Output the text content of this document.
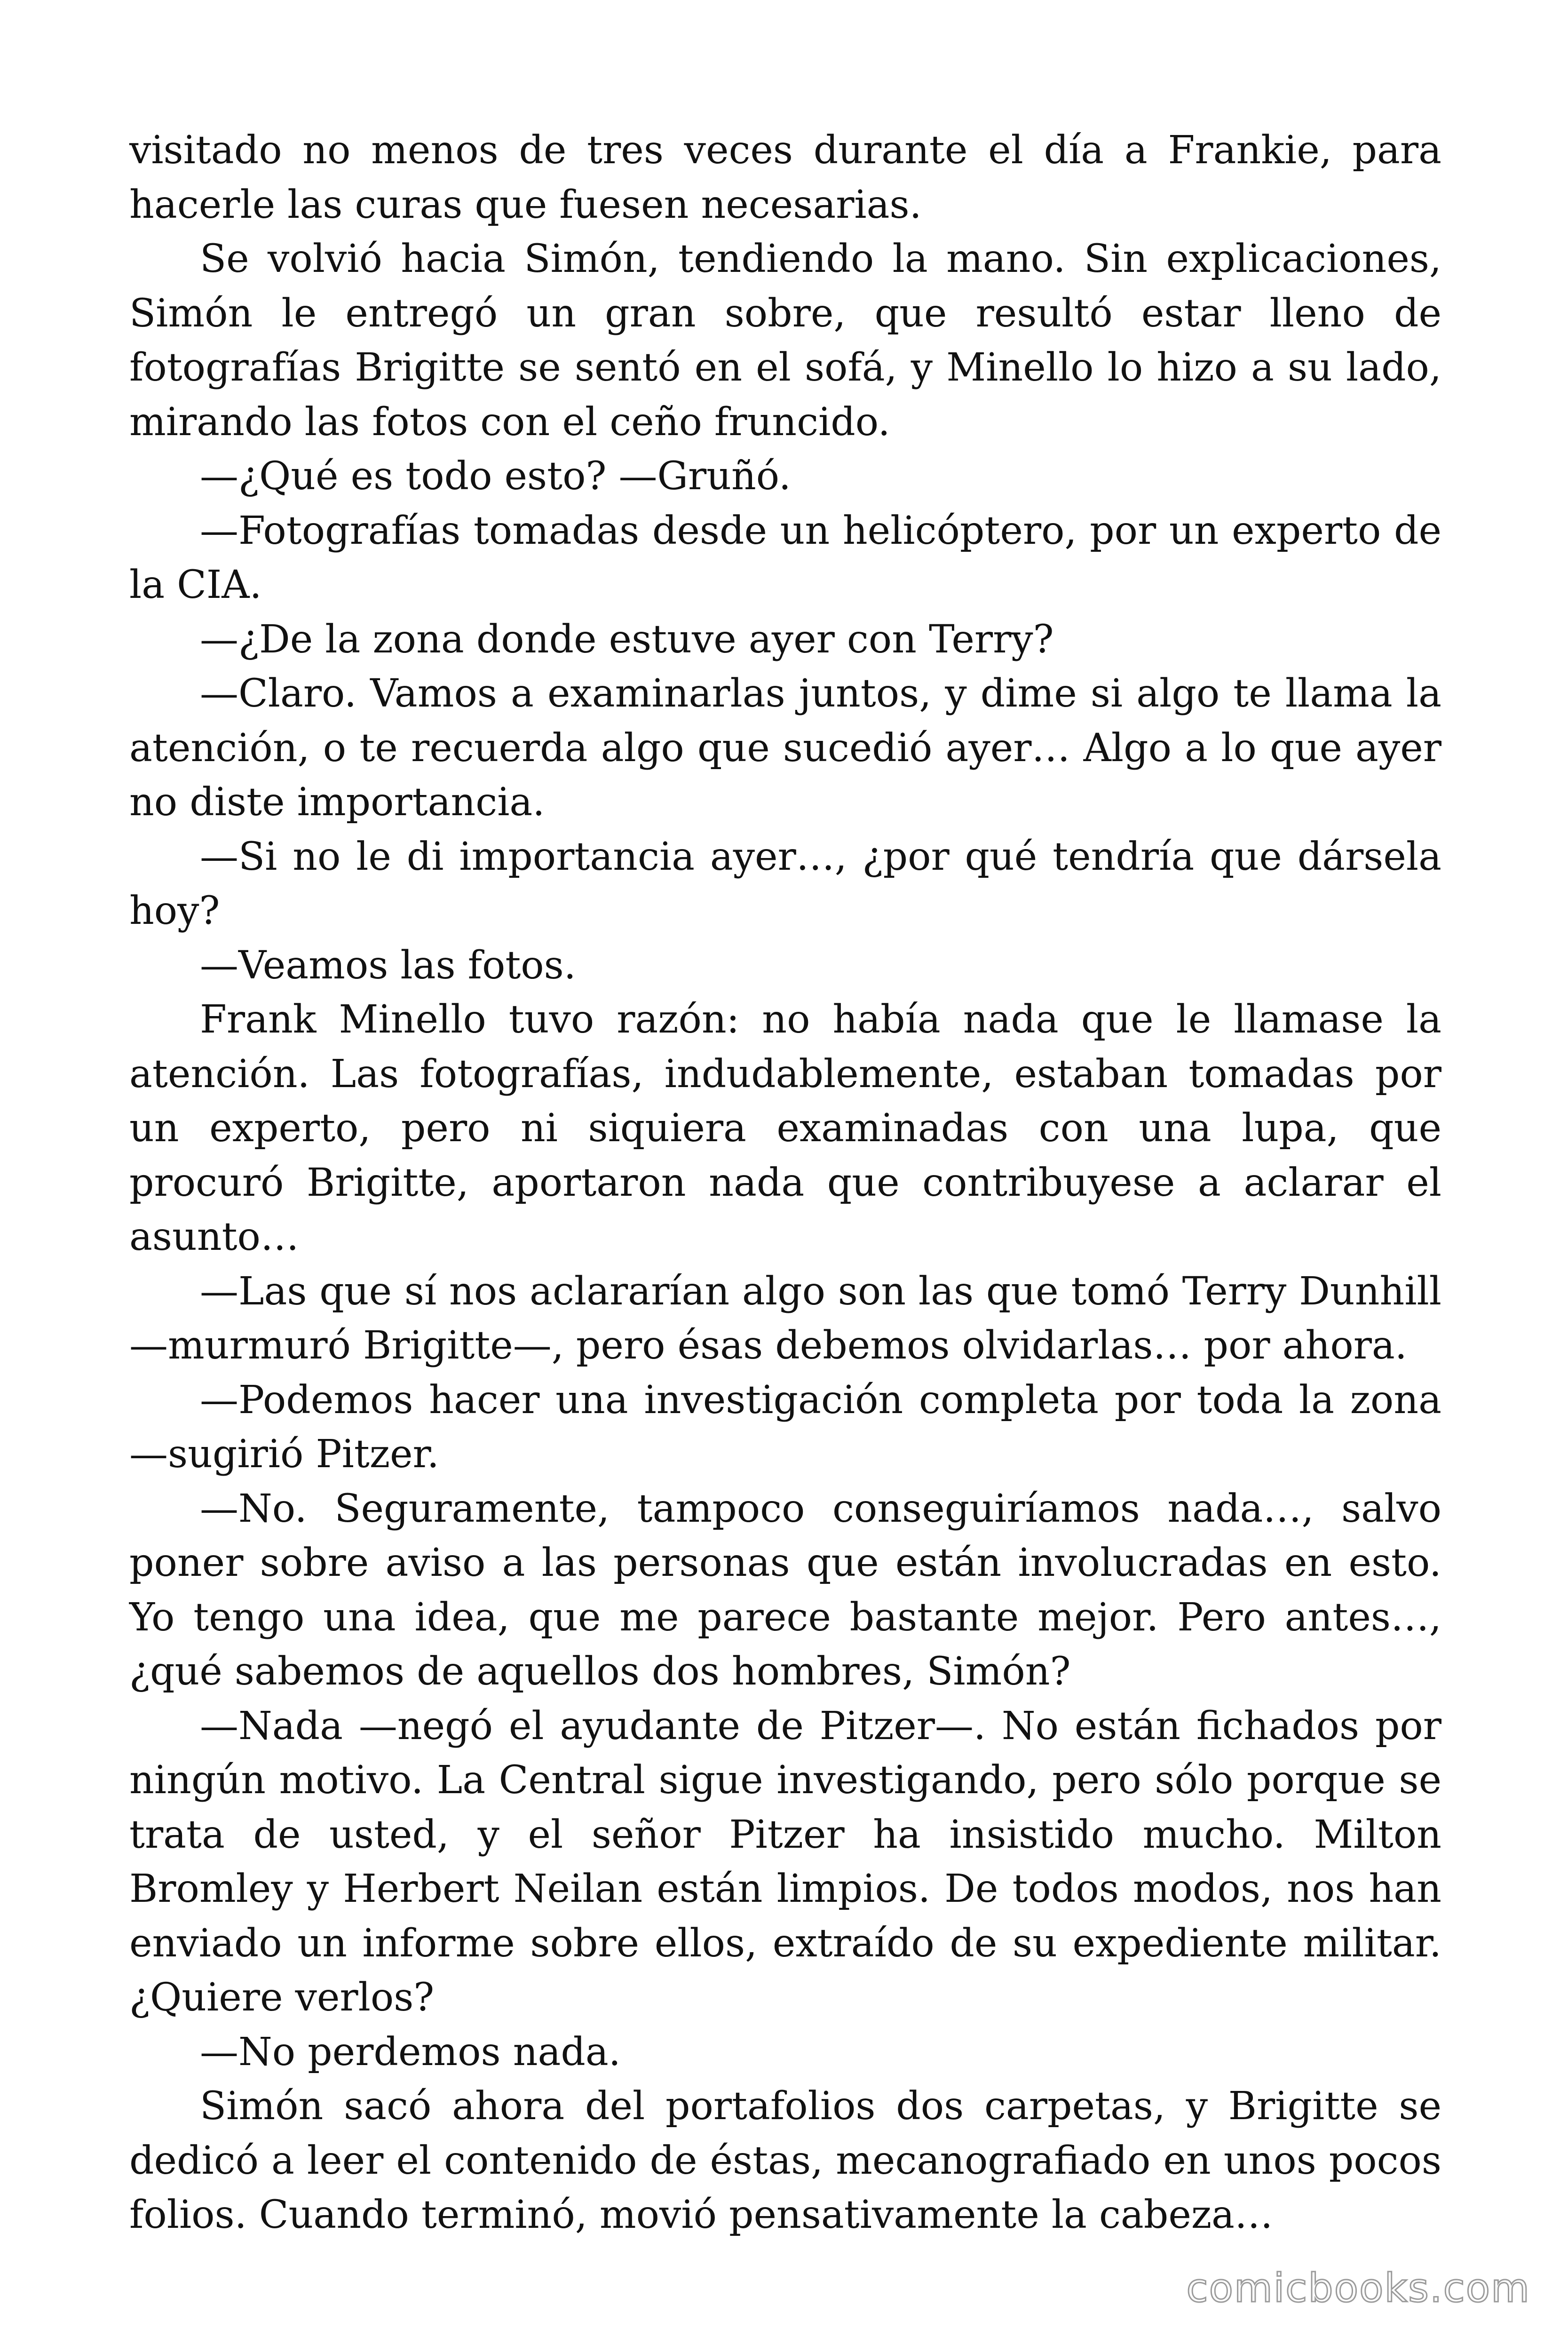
visitado no menos de tres veces durante el día a Frankie, para hacerle las curas que fuesen necesarias.

Se volvió hacia Simón, tendiendo la mano. Sin explicaciones, Simón le entregó un gran sobre, que resultó estar lleno de fotografías Brigitte se sentó en el sofá, y Minello lo hizo a su lado, mirando las fotos con el ceño fruncido.

—¿Qué es todo esto? —Gruñó.

—Fotografías tomadas desde un helicóptero, por un experto de la CIA.

—¿De la zona donde estuve ayer con Terry?

—Claro. Vamos a examinarlas juntos, y dime si algo te llama la atención, o te recuerda algo que sucedió ayer… Algo a lo que ayer no diste importancia.

—Si no le di importancia ayer…, ¿por qué tendría que dársela hoy?

—Veamos las fotos.

Frank Minello tuvo razón: no había nada que le llamase la atención. Las fotografías, indudablemente, estaban tomadas por un experto, pero ni siquiera examinadas con una lupa, que procuró Brigitte, aportaron nada que contribuyese a aclarar el asunto…

—Las que sí nos aclararían algo son las que tomó Terry Dunhill —murmuró Brigitte—, pero ésas debemos olvidarlas… por ahora.

—Podemos hacer una investigación completa por toda la zona —sugirió Pitzer.

—No. Seguramente, tampoco conseguiríamos nada…, salvo poner sobre aviso a las personas que están involucradas en esto. Yo tengo una idea, que me parece bastante mejor. Pero antes…, ¿qué sabemos de aquellos dos hombres, Simón?

—Nada —negó el ayudante de Pitzer—. No están fichados por ningún motivo. La Central sigue investigando, pero sólo porque se trata de usted, y el señor Pitzer ha insistido mucho. Milton Bromley y Herbert Neilan están limpios. De todos modos, nos han enviado un informe sobre ellos, extraído de su expediente militar. ¿Quiere verlos?

—No perdemos nada.

Simón sacó ahora del portafolios dos carpetas, y Brigitte se dedicó a leer el contenido de éstas, mecanografiado en unos pocos folios. Cuando terminó, movió pensativamente la cabeza…

comicbooks.com
